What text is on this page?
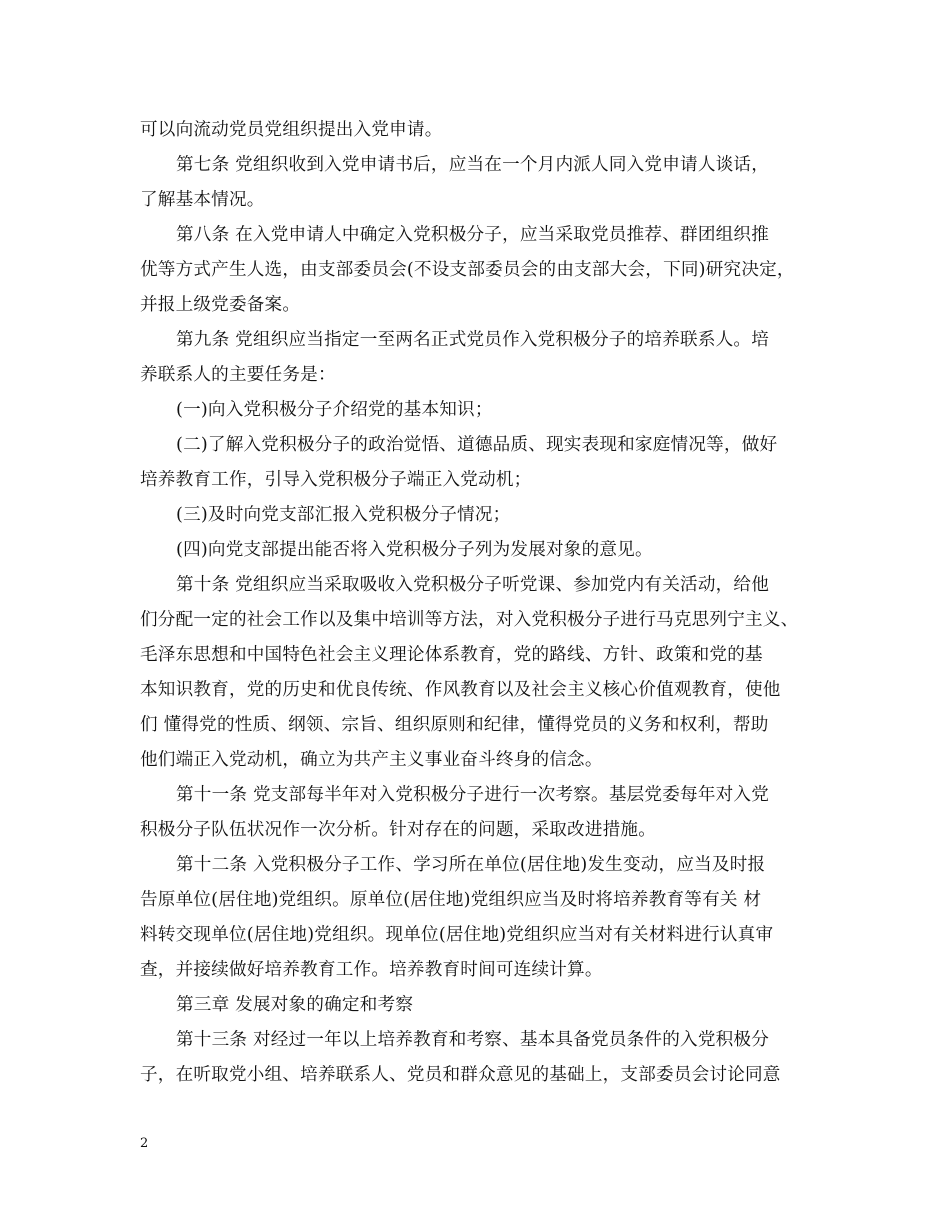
可以向流动党员党组织提出入党申请。
第七条 党组织收到入党申请书后，应当在一个月内派人同入党申请人谈话，
了解基本情况。
第八条 在入党申请人中确定入党积极分子，应当采取党员推荐、群团组织推
优等方式产生人选，由支部委员会(不设支部委员会的由支部大会，下同)研究决定，
并报上级党委备案。
第九条 党组织应当指定一至两名正式党员作入党积极分子的培养联系人。培
养联系人的主要任务是：
(一)向入党积极分子介绍党的基本知识；
(二)了解入党积极分子的政治觉悟、道德品质、现实表现和家庭情况等，做好
培养教育工作，引导入党积极分子端正入党动机；
(三)及时向党支部汇报入党积极分子情况；
(四)向党支部提出能否将入党积极分子列为发展对象的意见。
第十条 党组织应当采取吸收入党积极分子听党课、参加党内有关活动，给他
们分配一定的社会工作以及集中培训等方法，对入党积极分子进行马克思列宁主义、
毛泽东思想和中国特色社会主义理论体系教育，党的路线、方针、政策和党的基
本知识教育，党的历史和优良传统、作风教育以及社会主义核心价值观教育，使他
们 懂得党的性质、纲领、宗旨、组织原则和纪律，懂得党员的义务和权利，帮助
他们端正入党动机，确立为共产主义事业奋斗终身的信念。
第十一条 党支部每半年对入党积极分子进行一次考察。基层党委每年对入党
积极分子队伍状况作一次分析。针对存在的问题，采取改进措施。
第十二条 入党积极分子工作、学习所在单位(居住地)发生变动，应当及时报
告原单位(居住地)党组织。原单位(居住地)党组织应当及时将培养教育等有关 材
料转交现单位(居住地)党组织。现单位(居住地)党组织应当对有关材料进行认真审
查，并接续做好培养教育工作。培养教育时间可连续计算。
第三章 发展对象的确定和考察
第十三条 对经过一年以上培养教育和考察、基本具备党员条件的入党积极分
子，在听取党小组、培养联系人、党员和群众意见的基础上，支部委员会讨论同意
2
